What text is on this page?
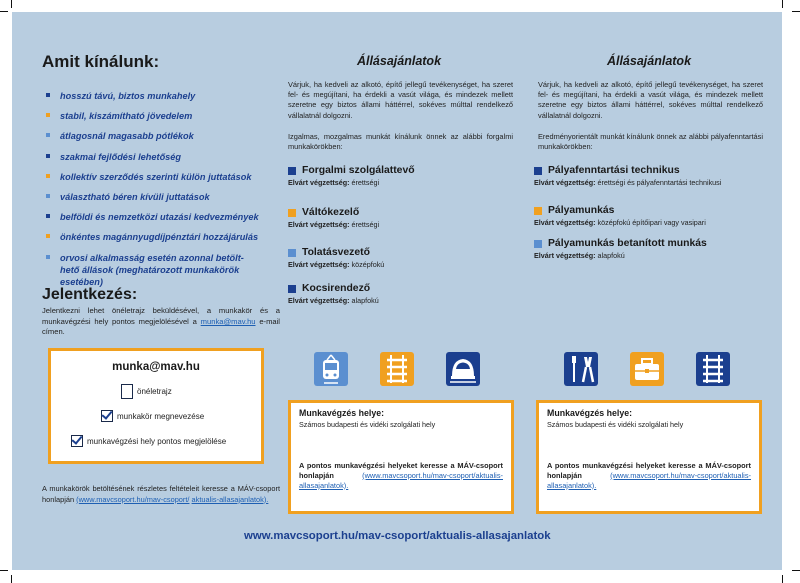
Amit kínálunk:
hosszú távú, biztos munkahely
stabil, kiszámítható jövedelem
átlagosnál magasabb pótlékok
szakmai fejlődési lehetőség
kollektív szerződés szerinti külön juttatások
választható béren kívüli juttatások
belföldi és nemzetközi utazási kedvezmények
önkéntes magánnyugdíjpénztári hozzájárulás
orvosi alkalmasság esetén azonnal betölt-
hető állások (meghatározott munkakörök
esetében)
Jelentkezés:
Jelentkezni lehet önéletrajz beküldésével, a munkakör és a munkavégzési hely pontos megjelölésével a munka@mav.hu e-mail címen.
munka@mav.hu
önéletrajz
munkakör megnevezése
munkavégzési hely pontos megjelölése
A munkakörök betöltésének részletes feltételeit keresse a MÁV-csoport honlapján (www.mavcsoport.hu/mav-csoport/ aktualis-allasajanlatok).
Állásajánlatok
Várjuk, ha kedveli az alkotó, építő jellegű tevékenységet, ha szeret fel- és megújítani, ha érdekli a vasút világa, és mindezek mellett szeretne egy biztos állami háttérrel, sokéves múlttal rendelkező vállalatnál dolgozni.
Izgalmas, mozgalmas munkát kínálunk önnek az alábbi forgalmi munkakörökben:
Forgalmi szolgálattevő
Elvárt végzettség: érettségi
Váltókezelő
Elvárt végzettség: érettségi
Tolatásvezető
Elvárt végzettség: középfokú
Kocsirendező
Elvárt végzettség: alapfokú
Munkavégzés helye:
Számos budapesti és vidéki szolgálati hely
A pontos munkavégzési helyeket keresse a MÁV-csoport honlapján (www.mavcsoport.hu/mav-csoport/aktualis-allasajanlatok).
Állásajánlatok
Várjuk, ha kedveli az alkotó, építő jellegű tevékenységet, ha szeret fel- és megújítani, ha érdekli a vasút világa, és mindezek mellett szeretne egy biztos állami háttérrel, sokéves múlttal rendelkező vállalatnál dolgozni.
Eredményorientált munkát kínálunk önnek az alábbi pályafenntartási munkakörökben:
Pályafenntartási technikus
Elvárt végzettség: érettségi és pályafenntartási technikusi
Pályamunkás
Elvárt végzettség: középfokú építőipari vagy vasipari
Pályamunkás betanított munkás
Elvárt végzettség: alapfokú
Munkavégzés helye:
Számos budapesti és vidéki szolgálati hely
A pontos munkavégzési helyeket keresse a MÁV-csoport honlapján (www.mavcsoport.hu/mav-csoport/aktualis-allasajanlatok).
www.mavcsoport.hu/mav-csoport/aktualis-allasajanlatok
